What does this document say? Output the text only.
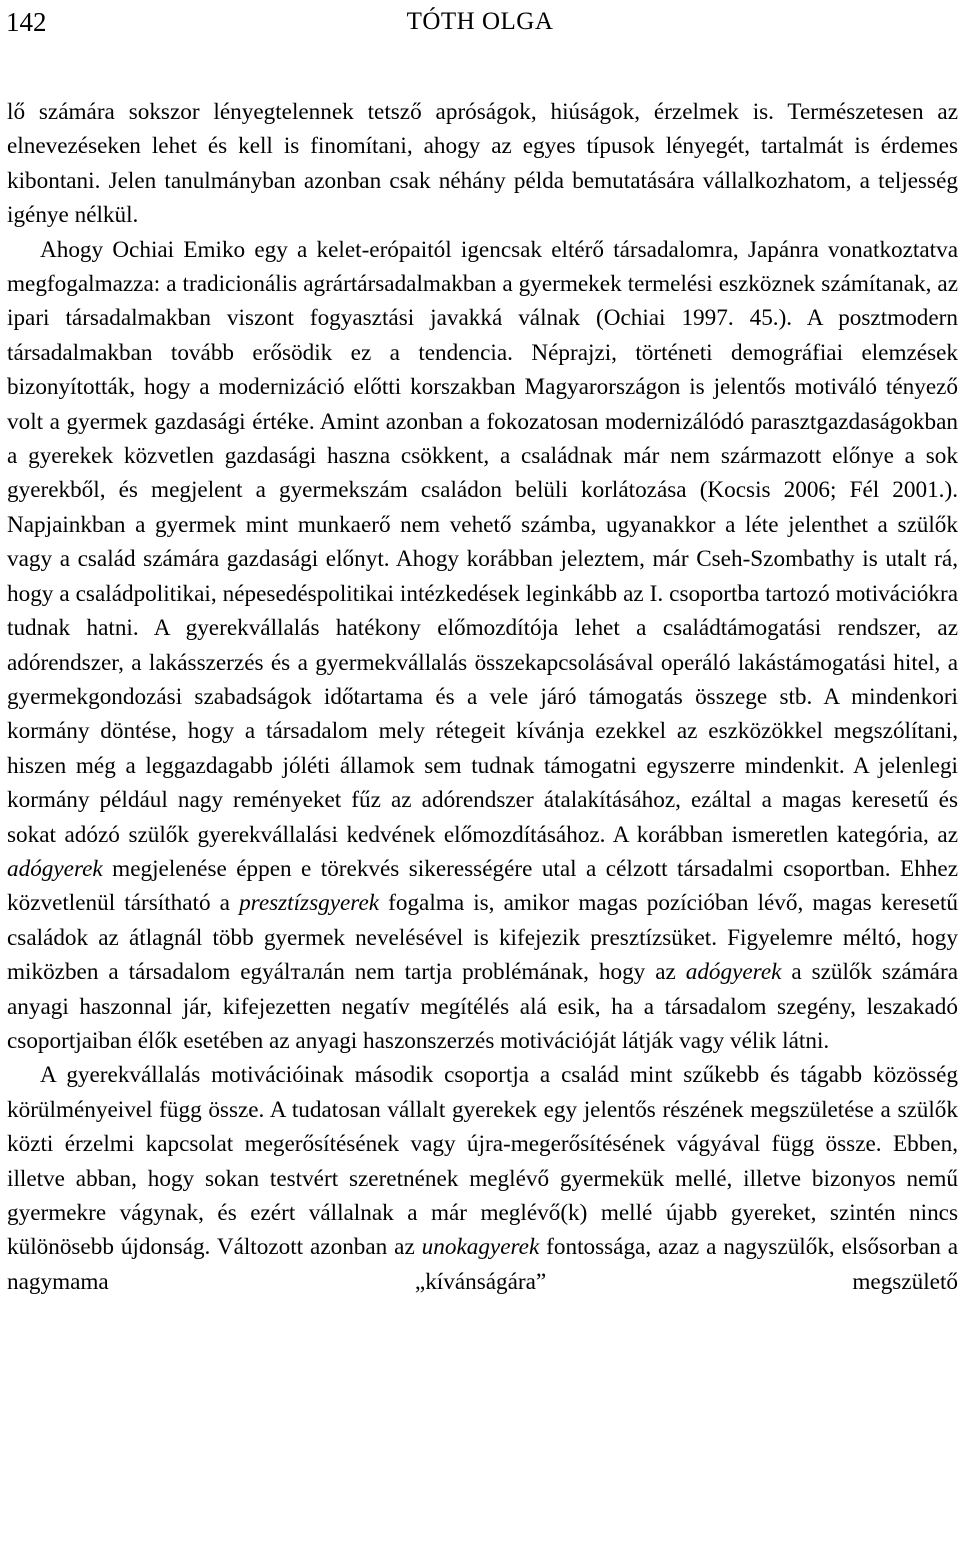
142	TÓTH OLGA

lő számára sokszor lényegtelennek tetsző apróságok, hiúságok, érzelmek is. Természetesen az elnevezéseken lehet és kell is finomítani, ahogy az egyes típusok lényegét, tartalmát is érdemes kibontani. Jelen tanulmányban azonban csak néhány példa bemutatására vállalkozhatom, a teljesség igénye nélkül.

Ahogy Ochiai Emiko egy a kelet-erópaitól igencsak eltérő társadalomra, Japánra vonatkoztatva megfogalmazza: a tradicionális agrártársadalmakban a gyermekek termelési eszköznek számítanak, az ipari társadalmakban viszont fogyasztási javakká válnak (Ochiai 1997. 45.). A posztmodern társadalmakban tovább erősödik ez a tendencia. Néprajzi, történeti demográfiai elemzések bizonyították, hogy a modernizáció előtti korszakban Magyarországon is jelentős motiváló tényező volt a gyermek gazdasági értéke. Amint azonban a fokozatosan modernizálódó parasztgazdaságokban a gyerekek közvetlen gazdasági haszna csökkent, a családnak már nem származott előnye a sok gyerekből, és megjelent a gyermekszám családon belüli korlátozása (Kocsis 2006; Fél 2001.). Napjainkban a gyermek mint munkaerő nem vehető számba, ugyanakkor a léte jelenthet a szülők vagy a család számára gazdasági előnyt. Ahogy korábban jeleztem, már Cseh-Szombathy is utalt rá, hogy a családpolitikai, népesedéspolitikai intézkedések leginkább az I. csoportba tartozó motivációkra tudnak hatni. A gyerekvállalás hatékony előmozdítója lehet a családtámogatási rendszer, az adórendszer, a lakásszerzés és a gyermekvállalás összekapcsolásával operáló lakástámogatási hitel, a gyermekgondozási szabadságok időtartama és a vele járó támogatás összege stb. A mindenkori kormány döntése, hogy a társadalom mely rétegeit kívánja ezekkel az eszközökkel megszólítani, hiszen még a leggazdagabb jóléti államok sem tudnak támogatni egyszerre mindenkit. A jelenlegi kormány például nagy reményeket fűz az adórendszer átalakításához, ezáltal a magas keresetű és sokat adózó szülők gyerekvállalási kedvének előmozdításához. A korábban ismeretlen kategória, az adógyerek megjelenése éppen e törekvés sikerességére utal a célzott társadalmi csoportban. Ehhez közvetlenül társítható a presztízsgyerek fogalma is, amikor magas pozícióban lévő, magas keresetű családok az átlagnál több gyermek nevelésével is kifejezik presztízsüket. Figyelemre méltó, hogy miközben a társadalom egyálталán nem tartja problémának, hogy az adógyerek a szülők számára anyagi haszonnal jár, kifejezetten negatív megítélés alá esik, ha a társadalom szegény, leszakadó csoportjaiban élők esetében az anyagi haszonszerzés motivációját látják vagy vélik látni.

A gyerekvállalás motivációinak második csoportja a család mint szűkebb és tágabb közösség körülményeivel függ össze. A tudatosan vállalt gyerekek egy jelentős részének megszületése a szülők közti érzelmi kapcsolat megerősítésének vagy újra-megerősítésének vágyával függ össze. Ebben, illetve abban, hogy sokan testvért szeretnének meglévő gyermekük mellé, illetve bizonyos nemű gyermekre vágynak, és ezért vállalnak a már meglévő(k) mellé újabb gyereket, szintén nincs különösebb újdonság. Változott azonban az unokagyerek fontossága, azaz a nagyszülők, elsősorban a nagymama „kívánságára” megszülető
